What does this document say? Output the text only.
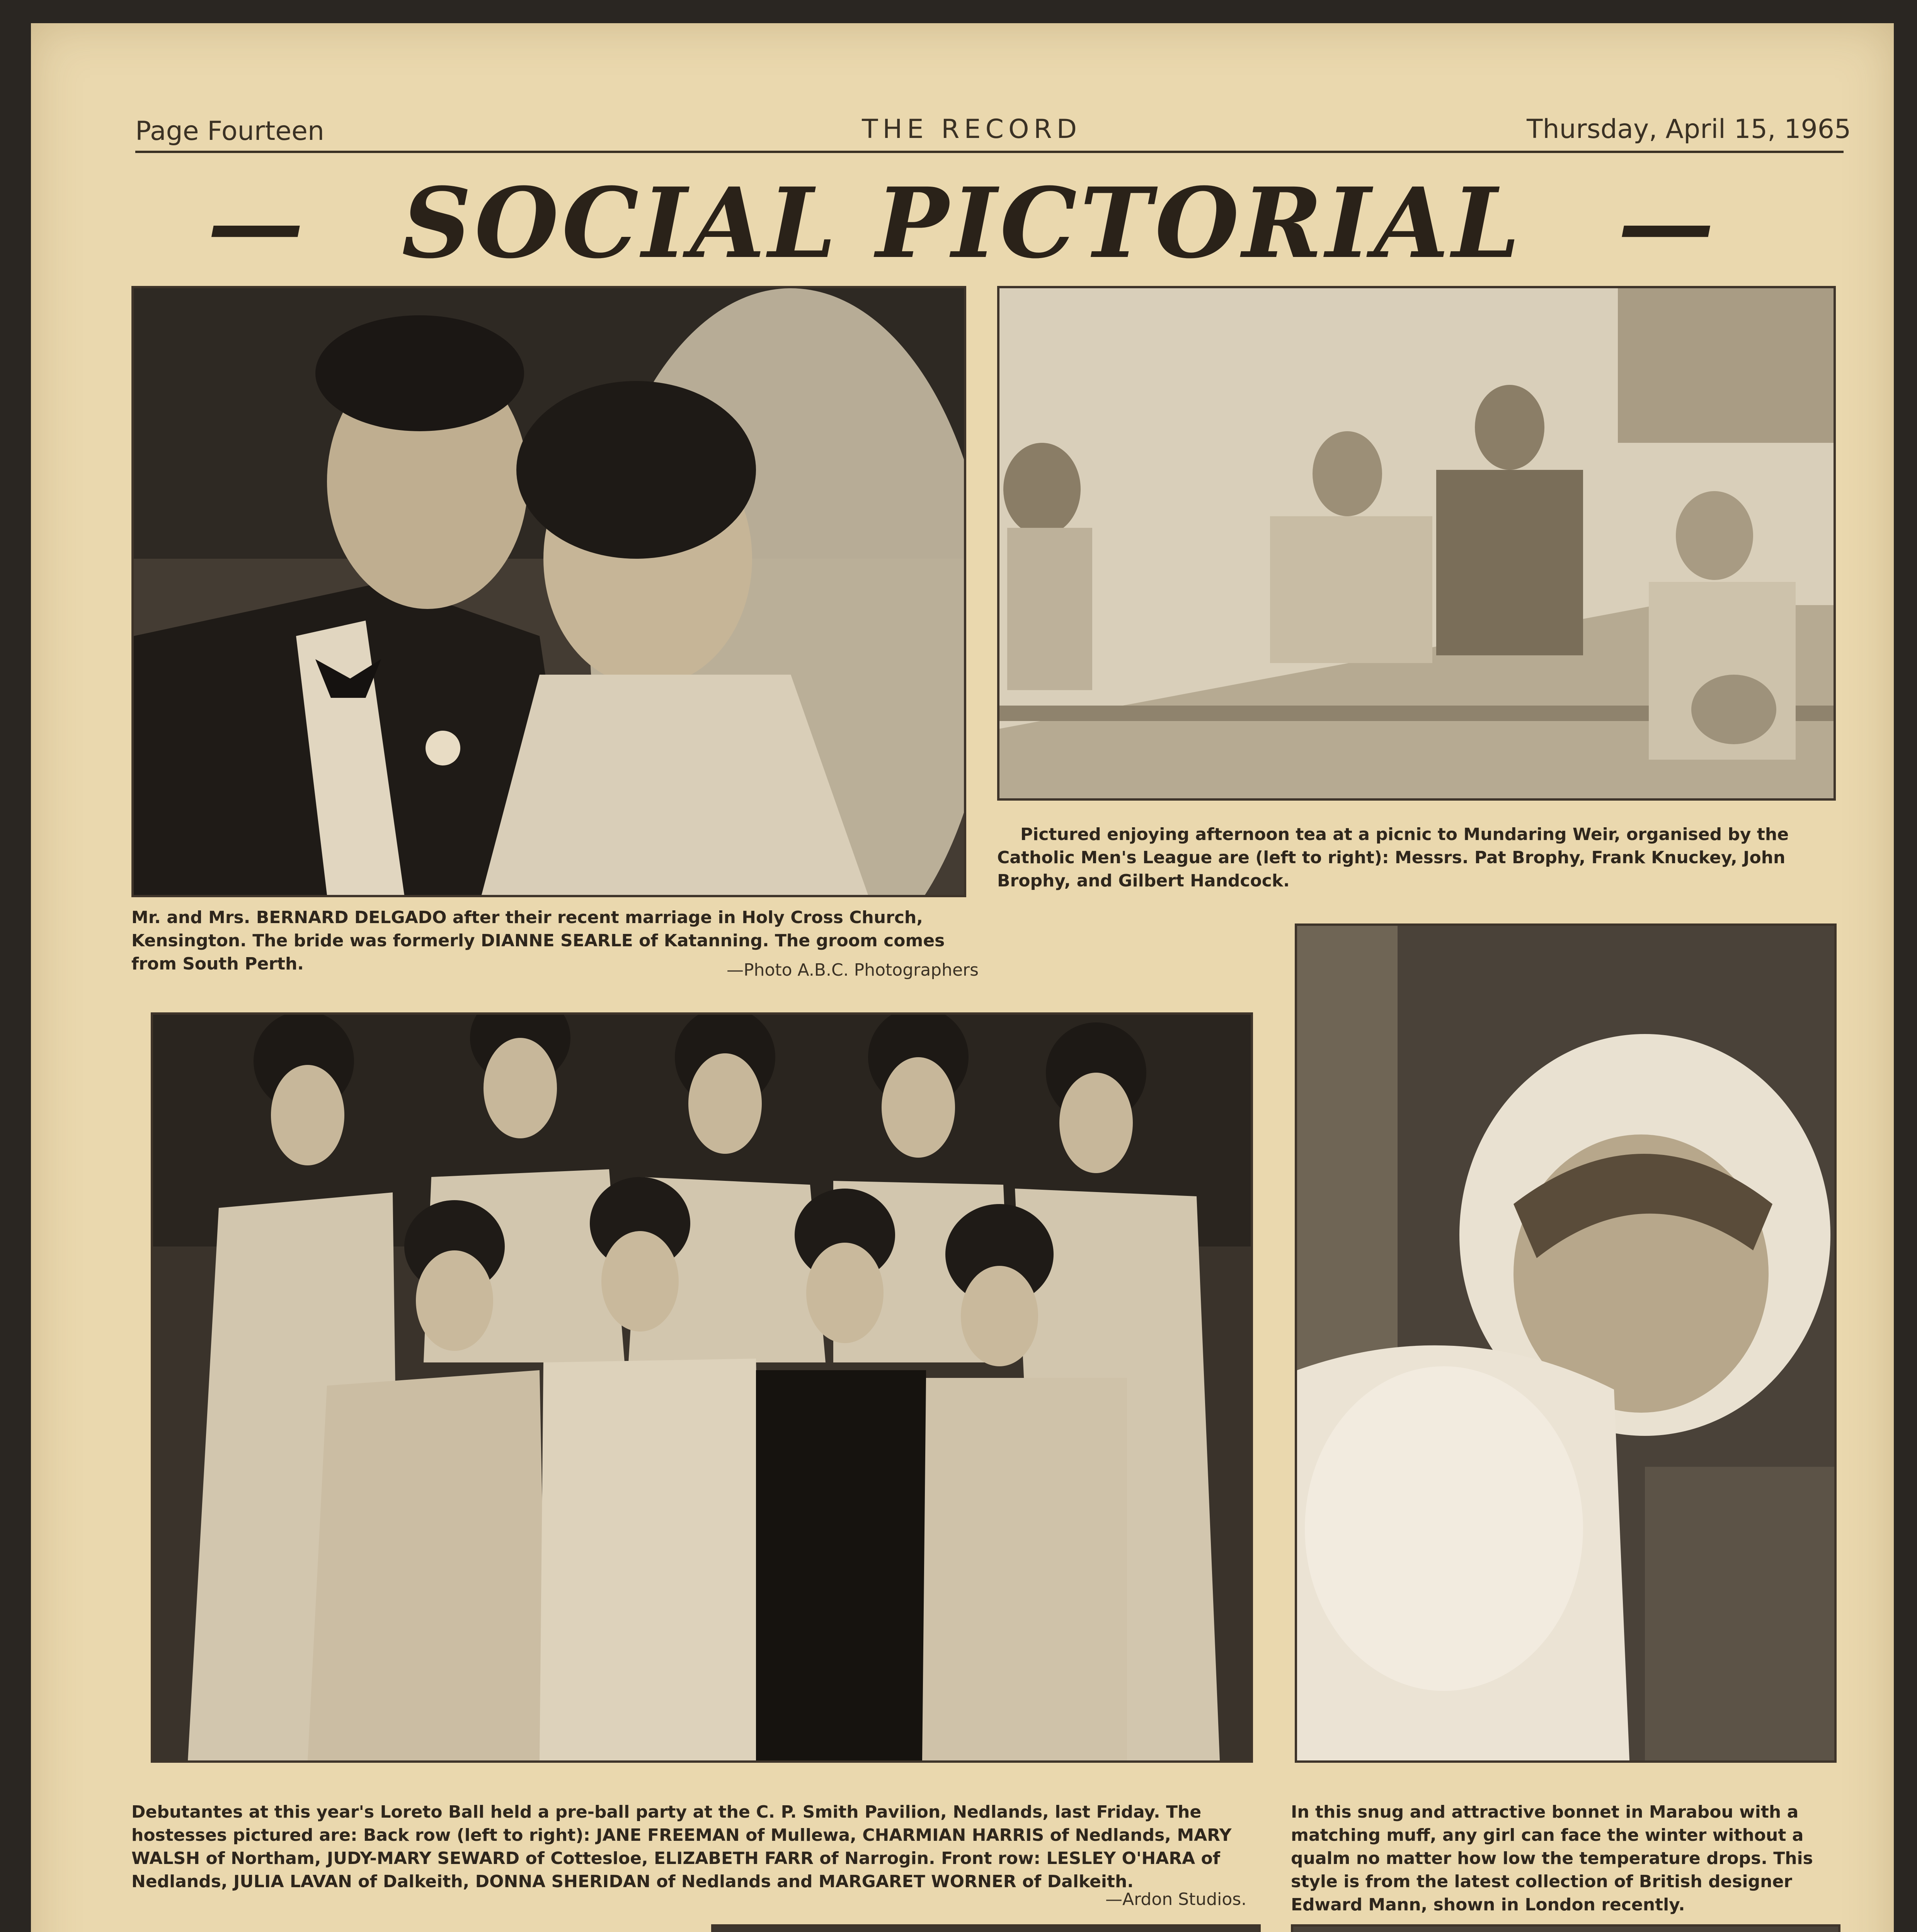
Page Fourteen	THE RECORD	Thursday, April 15, 1965
— SOCIAL PICTORIAL —
Mr. and Mrs. BERNARD DELGADO after their recent marriage in Holy Cross Church, Kensington. The bride was formerly DIANNE SEARLE of Katanning. The groom comes from South Perth.	—Photo A.B.C. Photographers
Pictured enjoying afternoon tea at a picnic to Mundaring Weir, organised by the Catholic Men's League are (left to right): Messrs. Pat Brophy, Frank Knuckey, John Brophy, and Gilbert Handcock.
Debutantes at this year's Loreto Ball held a pre-ball party at the C. P. Smith Pavilion, Nedlands, last Friday. The hostesses pictured are: Back row (left to right): JANE FREEMAN of Mullewa, CHARMIAN HARRIS of Nedlands, MARY WALSH of Northam, JUDY-MARY SEWARD of Cottesloe, ELIZABETH FARR of Narrogin. Front row: LESLEY O'HARA of Nedlands, JULIA LAVAN of Dalkeith, DONNA SHERIDAN of Nedlands and MARGARET WORNER of Dalkeith.
—Ardon Studios.
In this snug and attractive bonnet in Marabou with a matching muff, any girl can face the winter without a qualm no matter how low the temperature drops. This style is from the latest collection of British designer Edward Mann, shown in London recently.
